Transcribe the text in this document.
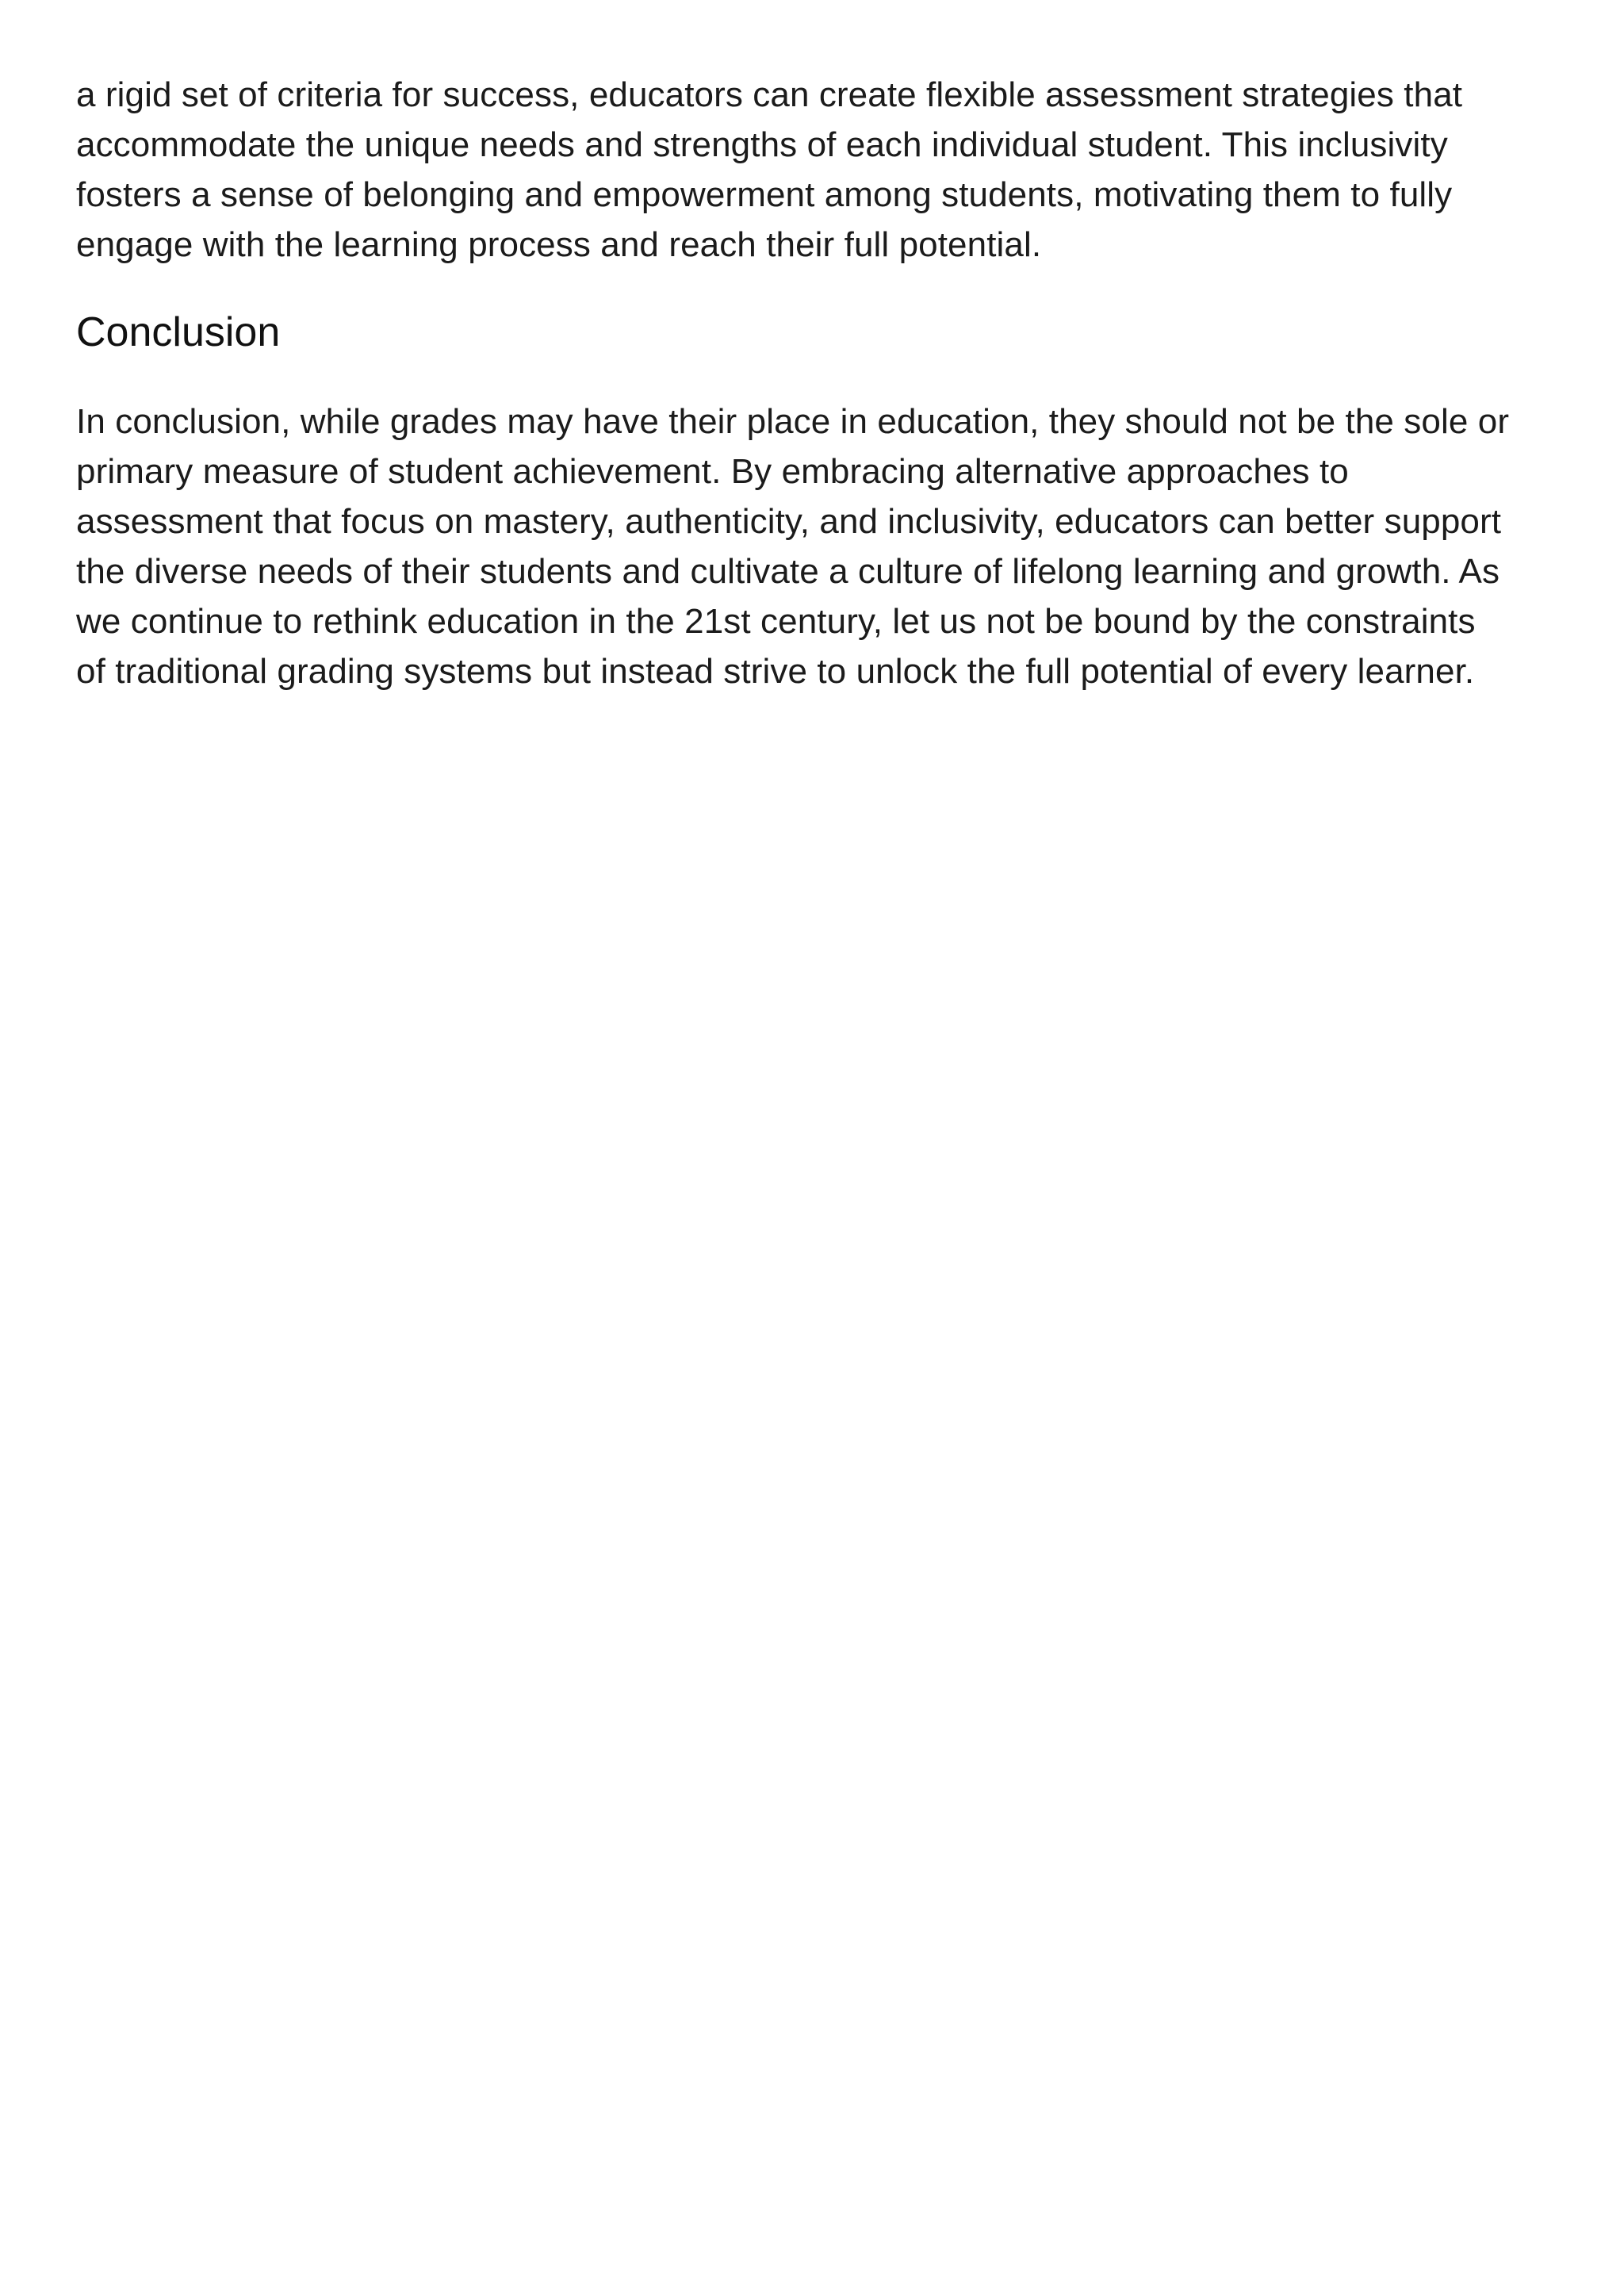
a rigid set of criteria for success, educators can create flexible assessment strategies that
accommodate the unique needs and strengths of each individual student. This inclusivity
fosters a sense of belonging and empowerment among students, motivating them to fully
engage with the learning process and reach their full potential.

Conclusion

In conclusion, while grades may have their place in education, they should not be the sole or
primary measure of student achievement. By embracing alternative approaches to
assessment that focus on mastery, authenticity, and inclusivity, educators can better support
the diverse needs of their students and cultivate a culture of lifelong learning and growth. As
we continue to rethink education in the 21st century, let us not be bound by the constraints
of traditional grading systems but instead strive to unlock the full potential of every learner.
